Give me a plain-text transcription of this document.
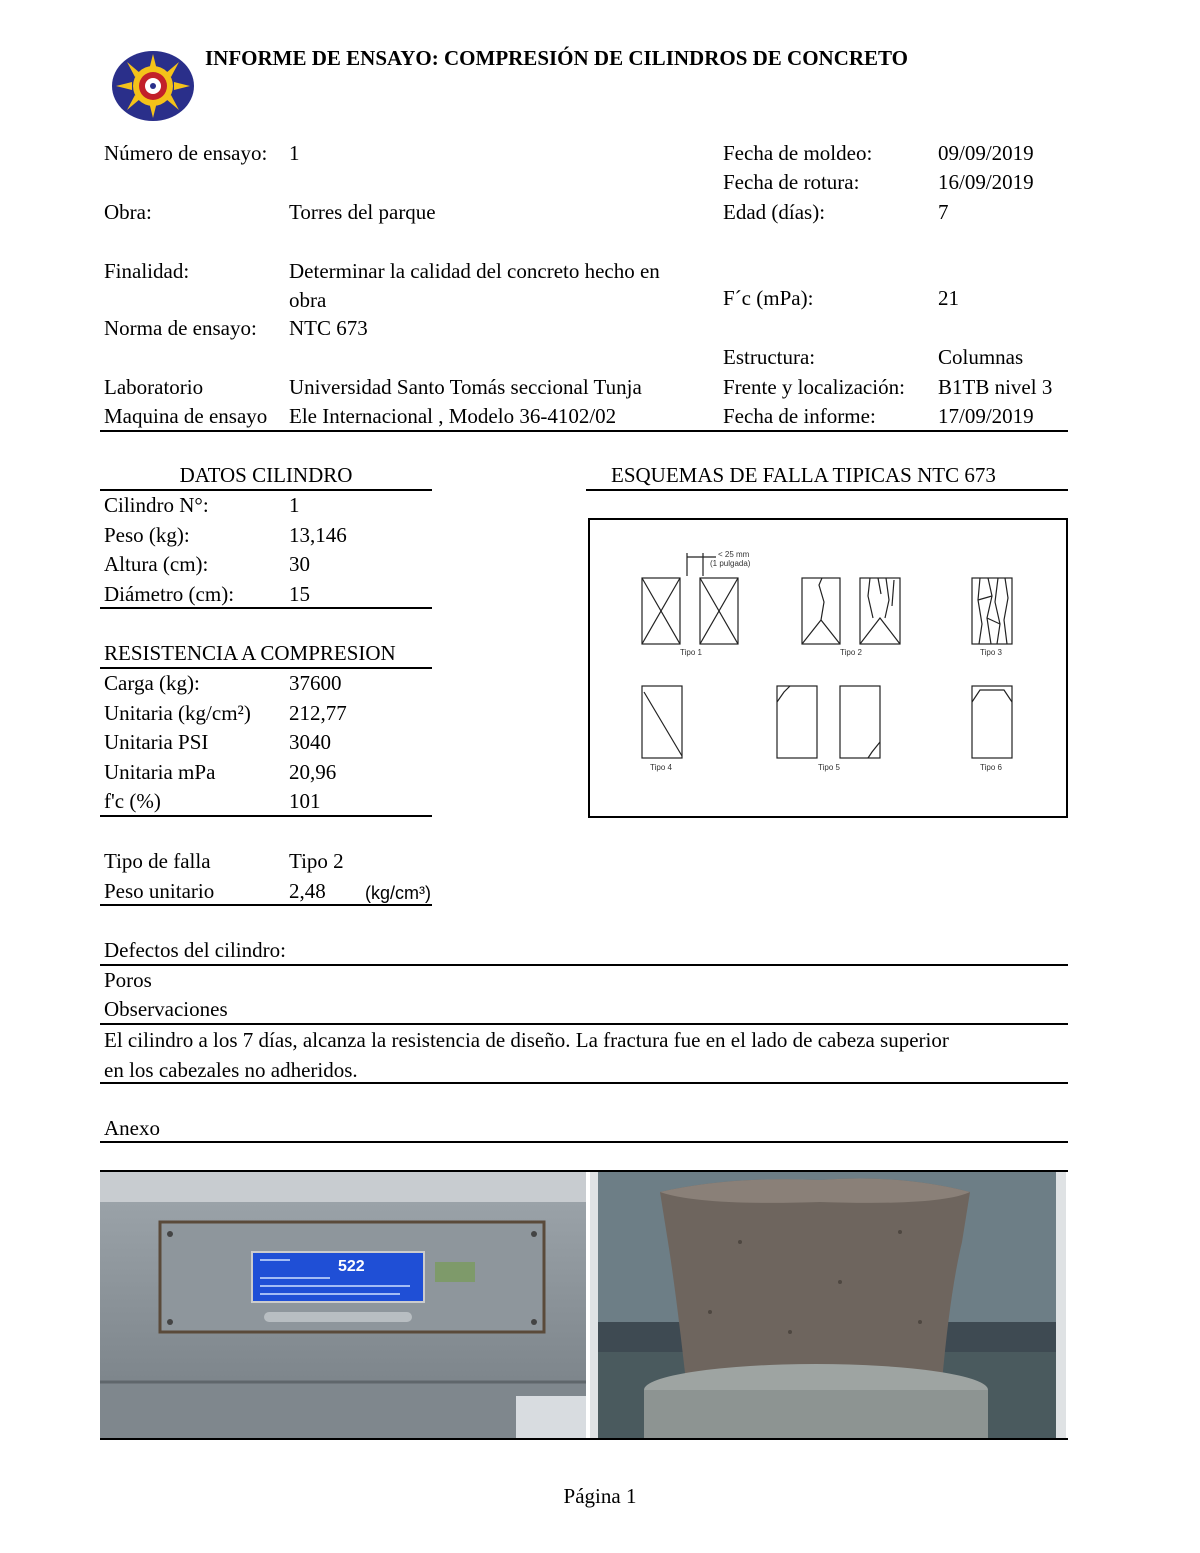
INFORME DE ENSAYO: COMPRESIÓN DE CILINDROS DE CONCRETO
Número de ensayo: 1
Obra:	Torres del parque
Finalidad:	Determinar la calidad del concreto hecho en
obra
Norma de ensayo: NTC 673
Laboratorio	Universidad Santo Tomás seccional Tunja
Maquina de ensayo Ele Internacional , Modelo 36-4102/02
Fecha de moldeo:	09/09/2019
Fecha de rotura:	16/09/2019
Edad (días):	7
F´c (mPa):	21
Estructura:	Columnas
Frente y localización: B1TB nivel 3
Fecha de informe:	17/09/2019
DATOS CILINDRO
Cilindro N°:	1
Peso (kg):	13,146
Altura (cm):	30
Diámetro (cm):	15
RESISTENCIA A COMPRESION
Carga (kg):	37600
Unitaria (kg/cm²) 212,77
Unitaria PSI	3040
Unitaria mPa	20,96
f'c (%)	101
Tipo de falla	Tipo 2
Peso unitario	2,48 (kg/cm³)
ESQUEMAS DE FALLA TIPICAS NTC 673
< 25 mm
(1 pulgada)
Tipo 1	Tipo 2	Tipo 3
Tipo 4	Tipo 5	Tipo 6
Defectos del cilindro:
Poros
Observaciones
El cilindro a los 7 días, alcanza la resistencia de diseño. La fractura fue en el lado de cabeza superior
en los cabezales no adheridos.
Anexo
522
Página 1
